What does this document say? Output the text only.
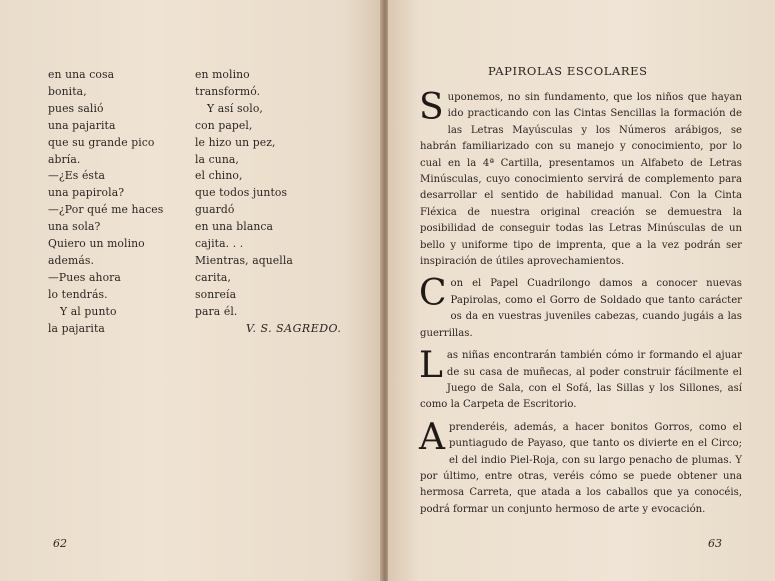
en una cosa
bonita,
pues salió
una pajarita
que su grande pico
abría.
—¿Es ésta
una papirola?
—¿Por qué me haces
una sola?
Quiero un molino
además.
—Pues ahora
lo tendrás.
Y al punto
la pajarita
en molino
transformó.
Y así solo,
con papel,
le hizo un pez,
la cuna,
el chino,
que todos juntos
guardó
en una blanca
cajita. . .
Mientras, aquella
carita,
sonreía
para él.
V. S. SAGREDO.
62
PAPIROLAS ESCOLARES

Suponemos, no sin fundamento, que los niños que hayan ido practicando con las Cintas Sencillas la formación de las Letras Mayúsculas y los Números arábigos, se habrán familiarizado con su manejo y conocimiento, por lo cual en la 4ª Cartilla, presentamos un Alfabeto de Letras Minúsculas, cuyo conocimiento servirá de complemento para desarrollar el sentido de habilidad manual. Con la Cinta Fléxica de nuestra original creación se demuestra la posibilidad de conseguir todas las Letras Minúsculas de un bello y uniforme tipo de imprenta, que a la vez podrán ser inspiración de útiles aprovechamientos.

Con el Papel Cuadrilongo damos a conocer nuevas Papirolas, como el Gorro de Soldado que tanto carácter os da en vuestras juveniles cabezas, cuando jugáis a las guerrillas.

Las niñas encontrarán también cómo ir formando el ajuar de su casa de muñecas, al poder construir fácilmente el Juego de Sala, con el Sofá, las Sillas y los Sillones, así como la Carpeta de Escritorio.

Aprenderéis, además, a hacer bonitos Gorros, como el puntiagudo de Payaso, que tanto os divierte en el Circo; el del indio Piel-Roja, con su largo penacho de plumas. Y por último, entre otras, veréis cómo se puede obtener una hermosa Carreta, que atada a los caballos que ya conocéis, podrá formar un conjunto hermoso de arte y evocación.

63
